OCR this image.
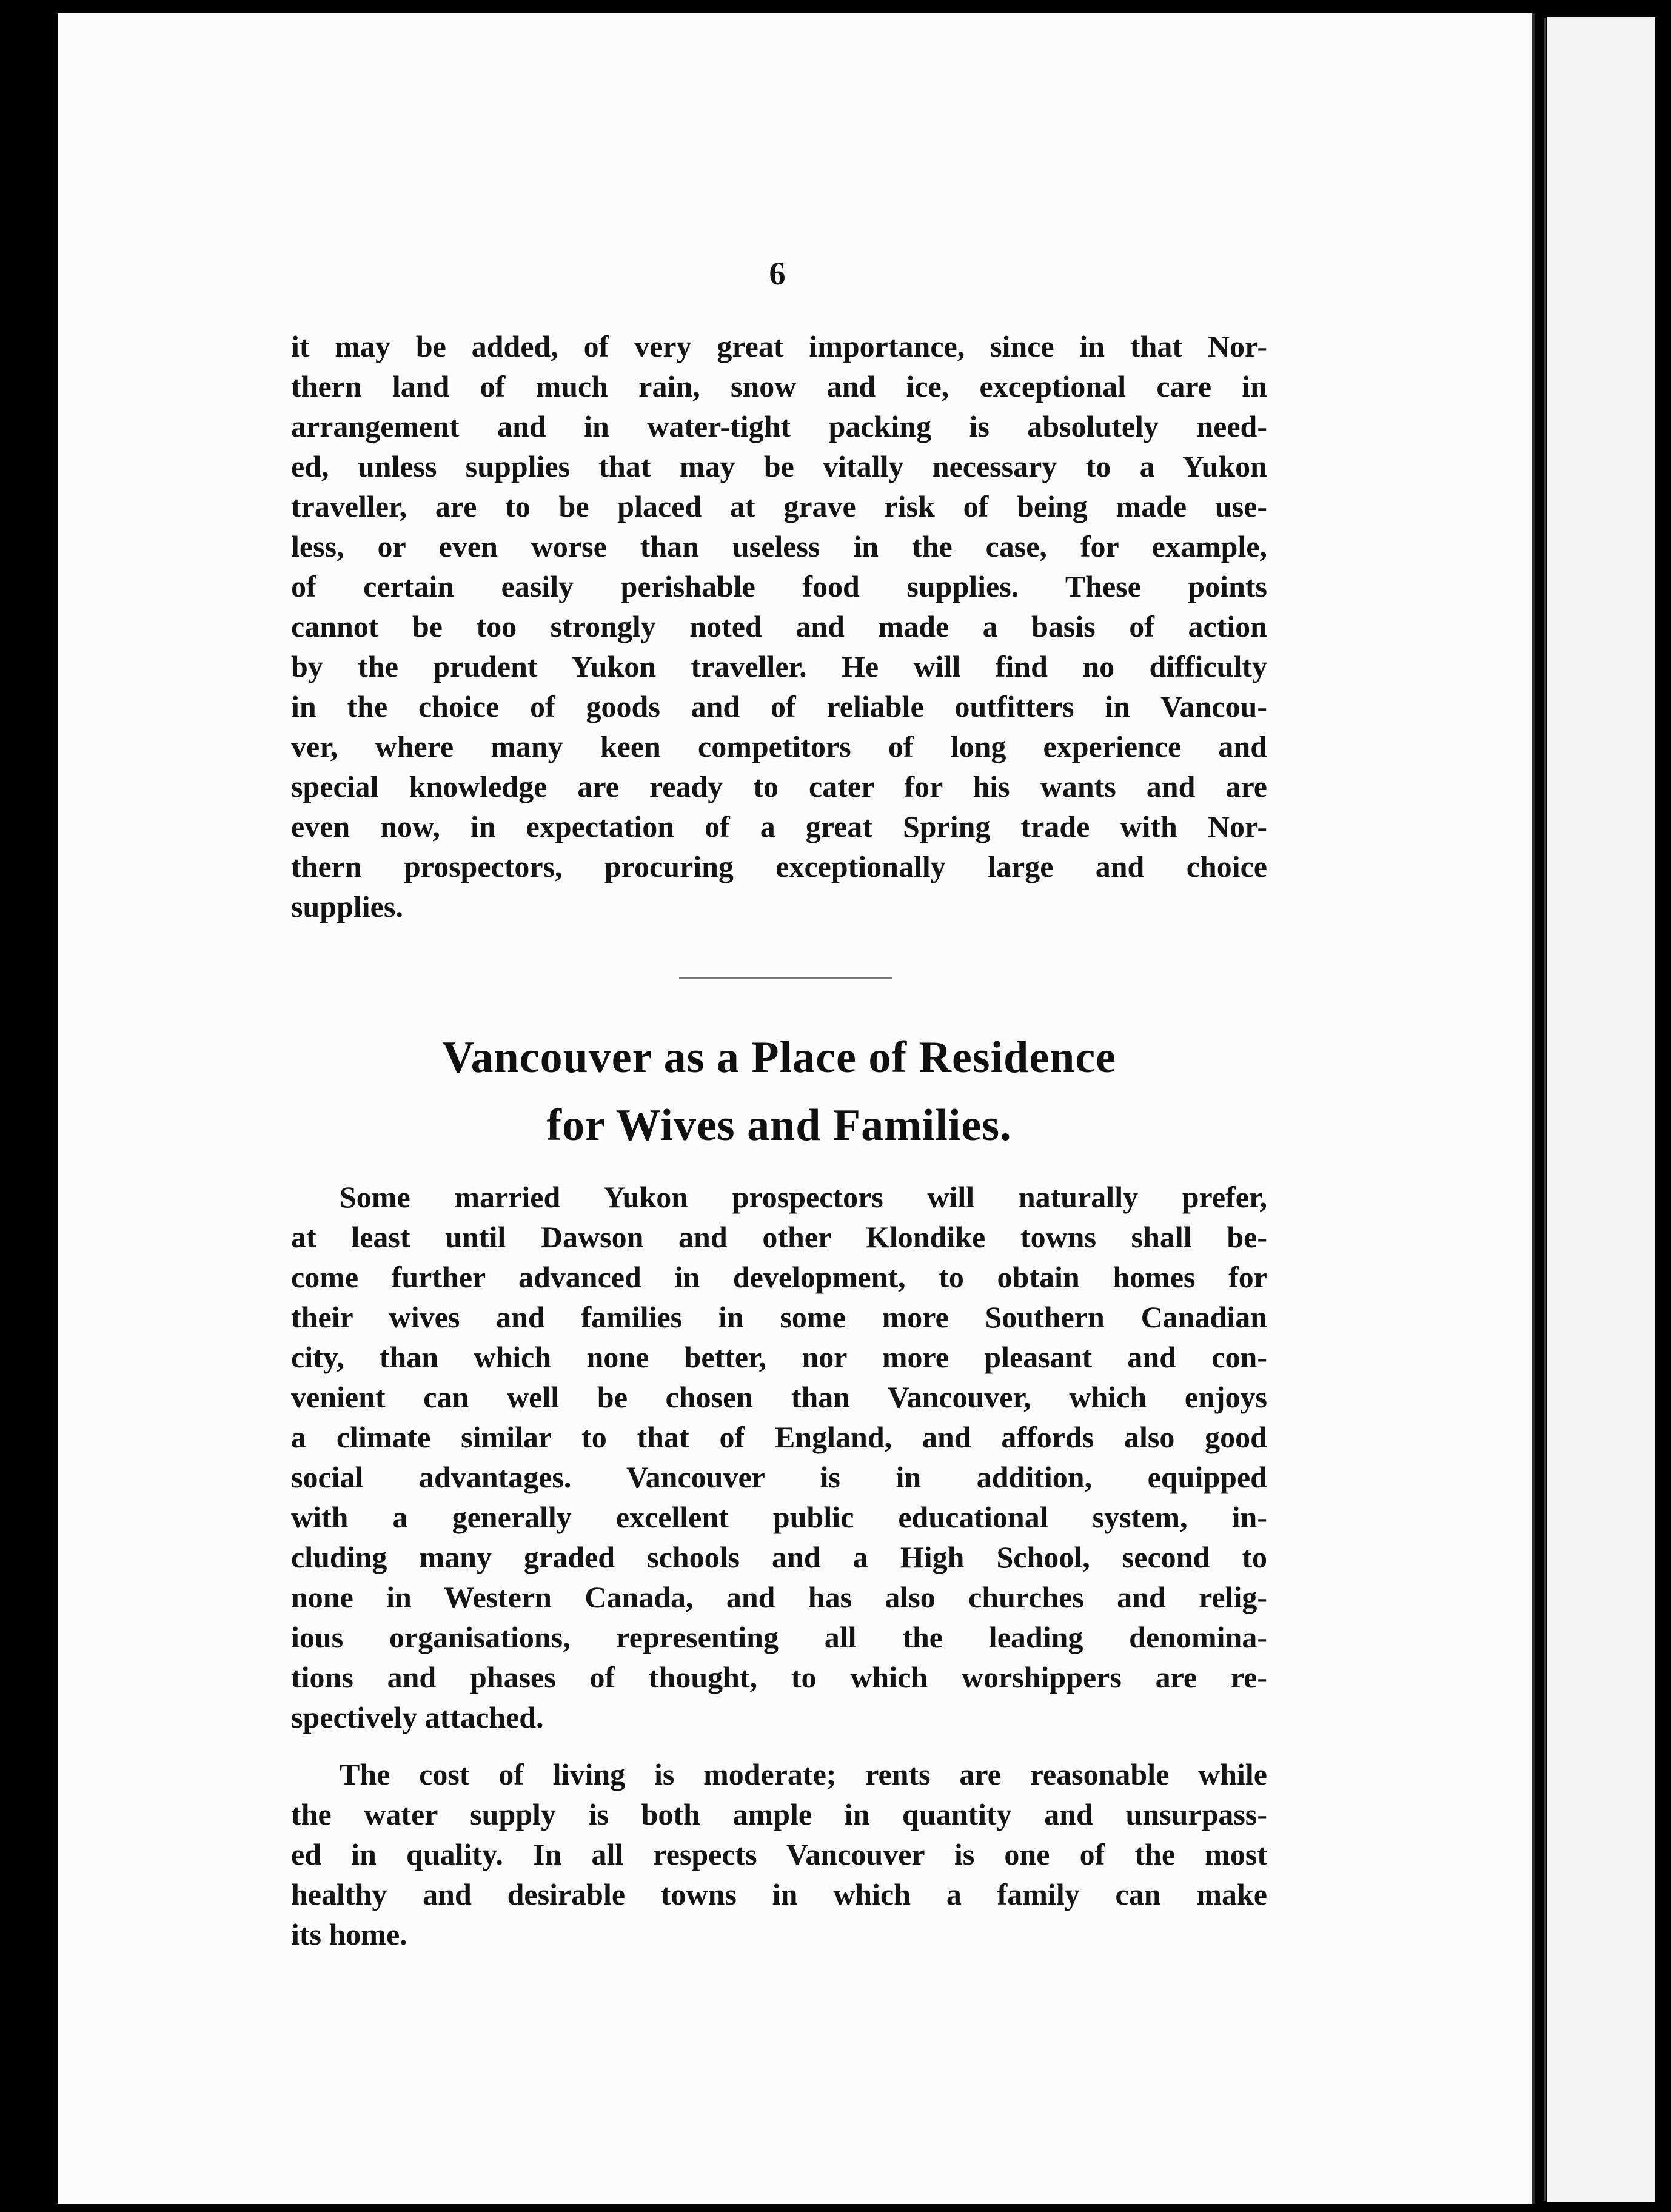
6
it may be added, of very great importance, since in that Nor-
thern land of much rain, snow and ice, exceptional care in
arrangement and in water-tight packing is absolutely need-
ed, unless supplies that may be vitally necessary to a Yukon
traveller, are to be placed at grave risk of being made use-
less, or even worse than useless in the case, for example,
of certain easily perishable food supplies. These points
cannot be too strongly noted and made a basis of action
by the prudent Yukon traveller. He will find no difficulty
in the choice of goods and of reliable outfitters in Vancou-
ver, where many keen competitors of long experience and
special knowledge are ready to cater for his wants and are
even now, in expectation of a great Spring trade with Nor-
thern prospectors, procuring exceptionally large and choice
supplies.
Vancouver as a Place of Residence
for Wives and Families.
Some married Yukon prospectors will naturally prefer,
at least until Dawson and other Klondike towns shall be-
come further advanced in development, to obtain homes for
their wives and families in some more Southern Canadian
city, than which none better, nor more pleasant and con-
venient can well be chosen than Vancouver, which enjoys
a climate similar to that of England, and affords also good
social advantages. Vancouver is in addition, equipped
with a generally excellent public educational system, in-
cluding many graded schools and a High School, second to
none in Western Canada, and has also churches and relig-
ious organisations, representing all the leading denomina-
tions and phases of thought, to which worshippers are re-
spectively attached.
The cost of living is moderate; rents are reasonable while
the water supply is both ample in quantity and unsurpass-
ed in quality. In all respects Vancouver is one of the most
healthy and desirable towns in which a family can make
its home.
